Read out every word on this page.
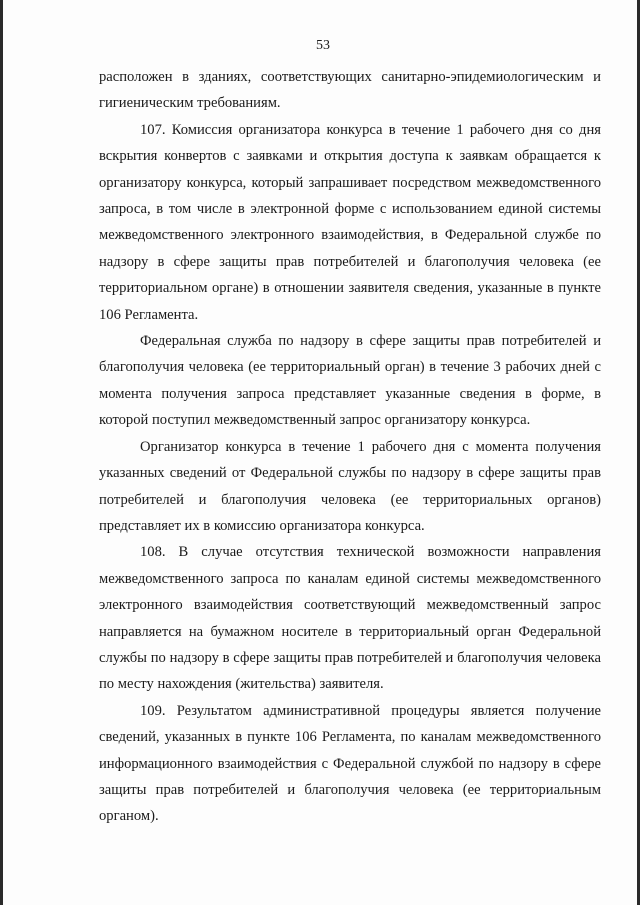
53

расположен в зданиях, соответствующих санитарно-эпидемиологическим и гигиеническим требованиям.

107. Комиссия организатора конкурса в течение 1 рабочего дня со дня вскрытия конвертов с заявками и открытия доступа к заявкам обращается к организатору конкурса, который запрашивает посредством межведомственного запроса, в том числе в электронной форме с использованием единой системы межведомственного электронного взаимодействия, в Федеральной службе по надзору в сфере защиты прав потребителей и благополучия человека (ее территориальном органе) в отношении заявителя сведения, указанные в пункте 106 Регламента.

Федеральная служба по надзору в сфере защиты прав потребителей и благополучия человека (ее территориальный орган) в течение 3 рабочих дней с момента получения запроса представляет указанные сведения в форме, в которой поступил межведомственный запрос организатору конкурса.

Организатор конкурса в течение 1 рабочего дня с момента получения указанных сведений от Федеральной службы по надзору в сфере защиты прав потребителей и благополучия человека (ее территориальных органов) представляет их в комиссию организатора конкурса.

108. В случае отсутствия технической возможности направления межведомственного запроса по каналам единой системы межведомственного электронного взаимодействия соответствующий межведомственный запрос направляется на бумажном носителе в территориальный орган Федеральной службы по надзору в сфере защиты прав потребителей и благополучия человека по месту нахождения (жительства) заявителя.

109. Результатом административной процедуры является получение сведений, указанных в пункте 106 Регламента, по каналам межведомственного информационного взаимодействия с Федеральной службой по надзору в сфере защиты прав потребителей и благополучия человека (ее территориальным органом).
